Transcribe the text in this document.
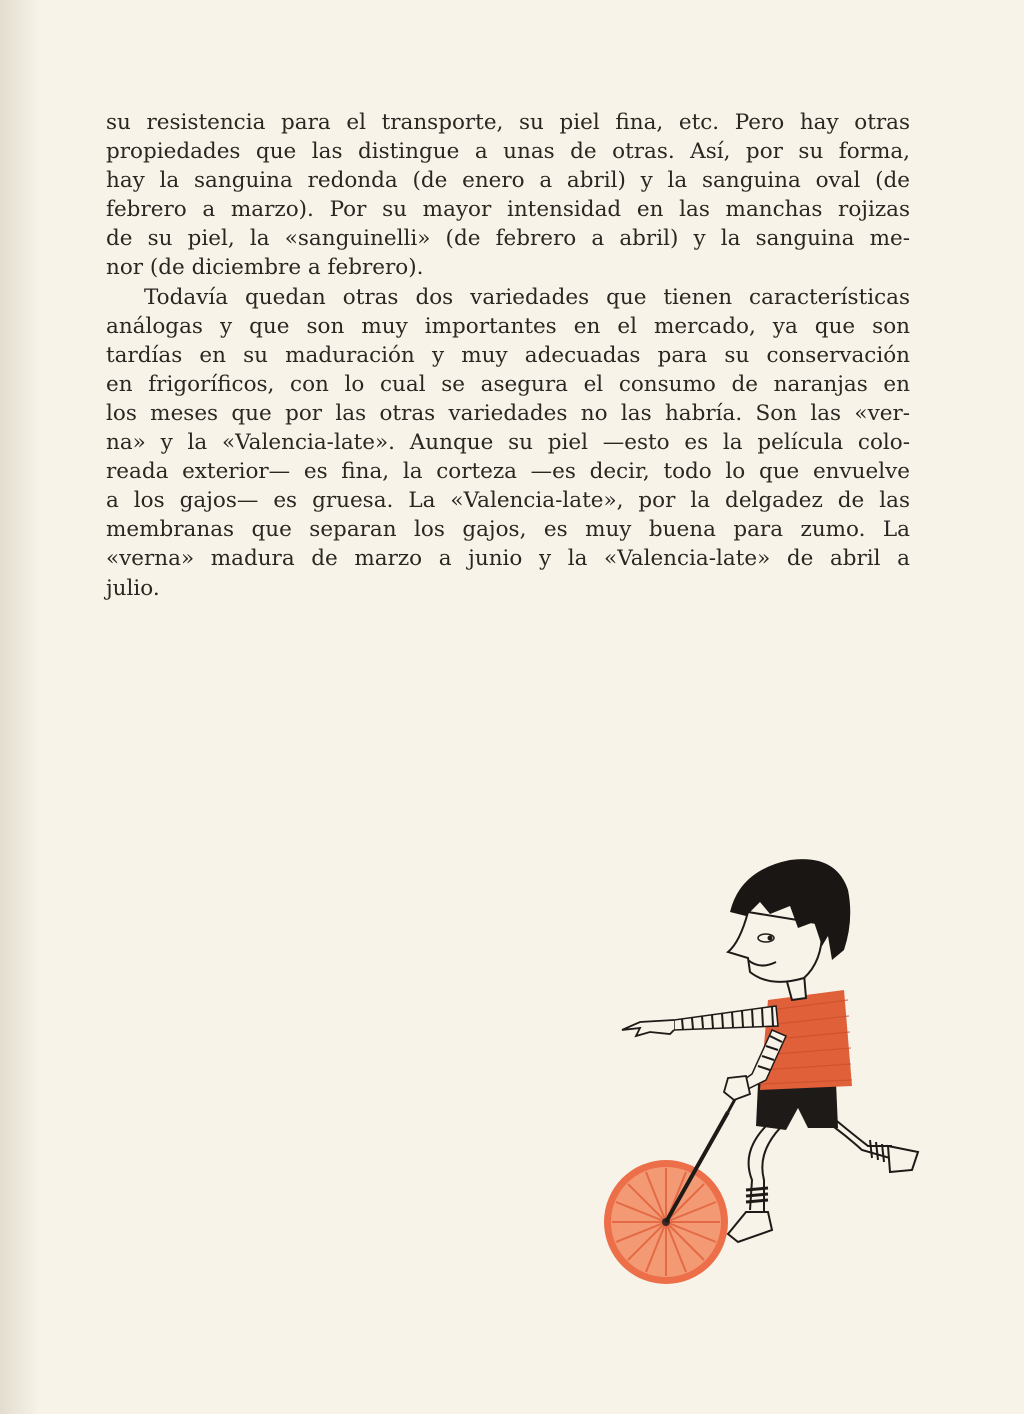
su resistencia para el transporte, su piel fina, etc. Pero hay otras
propiedades que las distingue a unas de otras. Así, por su forma,
hay la sanguina redonda (de enero a abril) y la sanguina oval (de
febrero a marzo). Por su mayor intensidad en las manchas rojizas
de su piel, la «sanguinelli» (de febrero a abril) y la sanguina me-
nor (de diciembre a febrero).

Todavía quedan otras dos variedades que tienen características
análogas y que son muy importantes en el mercado, ya que son
tardías en su maduración y muy adecuadas para su conservación
en frigoríficos, con lo cual se asegura el consumo de naranjas en
los meses que por las otras variedades no las habría. Son las «ver-
na» y la «Valencia-late». Aunque su piel —esto es la película colo-
reada exterior— es fina, la corteza —es decir, todo lo que envuelve
a los gajos— es gruesa. La «Valencia-late», por la delgadez de las
membranas que separan los gajos, es muy buena para zumo. La
«verna» madura de marzo a junio y la «Valencia-late» de abril a
julio.
